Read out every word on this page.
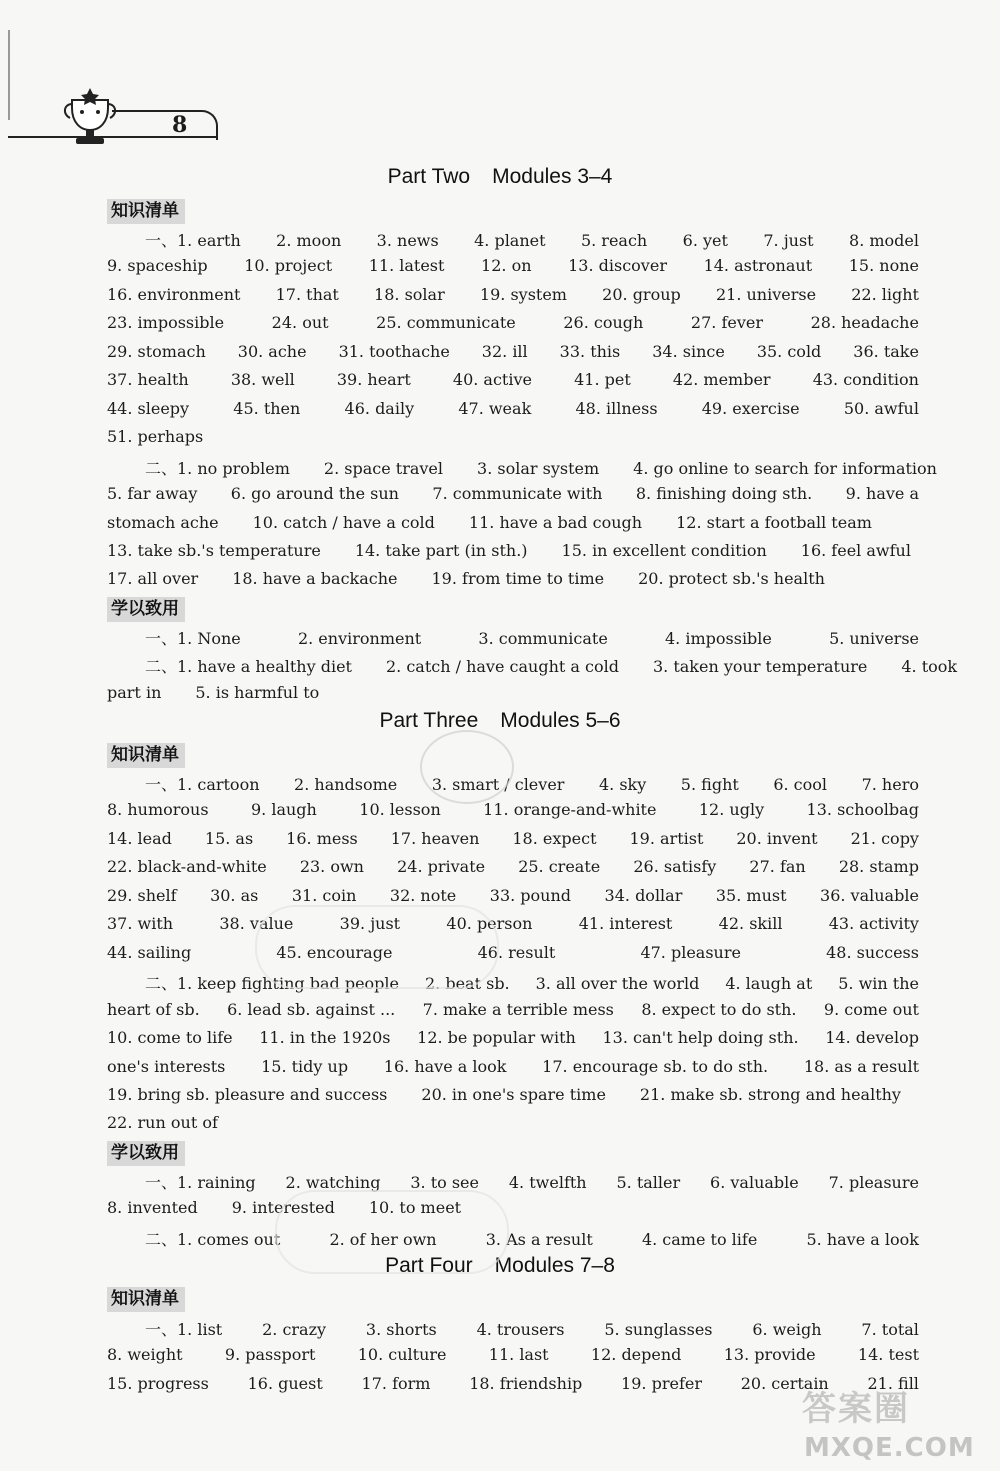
8
Part Two Modules 3–4
知识清单
一、1. earth 2. moon 3. news 4. planet 5. reach 6. yet 7. just 8. model
9. spaceship 10. project 11. latest 12. on 13. discover 14. astronaut 15. none
16. environment 17. that 18. solar 19. system 20. group 21. universe 22. light
23. impossible	24. out	25. communicate	26. cough	27. fever	28. headache
29. stomach 30. ache 31. toothache 32. ill 33. this 34. since 35. cold 36. take
37. health	38. well	39. heart	40. active	41. pet	42. member	43. condition
44. sleepy	45. then	46. daily	47. weak	48. illness	49. exercise	50. awful
51. perhaps
二、1. no problem 2. space travel 3. solar system 4. go online to search for information
5. far away 6. go around the sun 7. communicate with 8. finishing doing sth. 9. have a
stomach ache 10. catch / have a cold 11. have a bad cough 12. start a football team
13. take sb.'s temperature 14. take part (in sth.) 15. in excellent condition 16. feel awful
17. all over 18. have a backache 19. from time to time 20. protect sb.'s health
学以致用
一、1. None	2. environment	3. communicate	4. impossible	5. universe
二、1. have a healthy diet 2. catch / have caught a cold 3. taken your temperature 4. took
part in 5. is harmful to
Part Three Modules 5–6
知识清单
一、1. cartoon 2. handsome 3. smart / clever 4. sky 5. fight 6. cool 7. hero
8. humorous	9. laugh	10. lesson	11. orange-and-white	12. ugly	13. schoolbag
14. lead 15. as 16. mess 17. heaven 18. expect 19. artist 20. invent 21. copy
22. black-and-white 23. own 24. private 25. create 26. satisfy 27. fan 28. stamp
29. shelf 30. as 31. coin 32. note 33. pound 34. dollar 35. must 36. valuable
37. with	38. value	39. just	40. person	41. interest	42. skill	43. activity
44. sailing	45. encourage	46. result	47. pleasure	48. success
二、1. keep fighting bad people 2. beat sb. 3. all over the world 4. laugh at 5. win the
heart of sb. 6. lead sb. against ... 7. make a terrible mess 8. expect to do sth. 9. come out
10. come to life 11. in the 1920s 12. be popular with 13. can't help doing sth. 14. develop
one's interests 15. tidy up 16. have a look 17. encourage sb. to do sth. 18. as a result
19. bring sb. pleasure and success 20. in one's spare time 21. make sb. strong and healthy
22. run out of
学以致用
一、1. raining 2. watching 3. to see 4. twelfth 5. taller 6. valuable 7. pleasure
8. invented 9. interested 10. to meet
二、1. comes out	2. of her own	3. As a result	4. came to life	5. have a look
Part Four Modules 7–8
知识清单
一、1. list 2. crazy 3. shorts 4. trousers 5. sunglasses 6. weigh 7. total
8. weight	9. passport	10. culture	11. last	12. depend	13. provide	14. test
15. progress 16. guest 17. form 18. friendship 19. prefer 20. certain 21. fill
答案圈
MXQE.COM
